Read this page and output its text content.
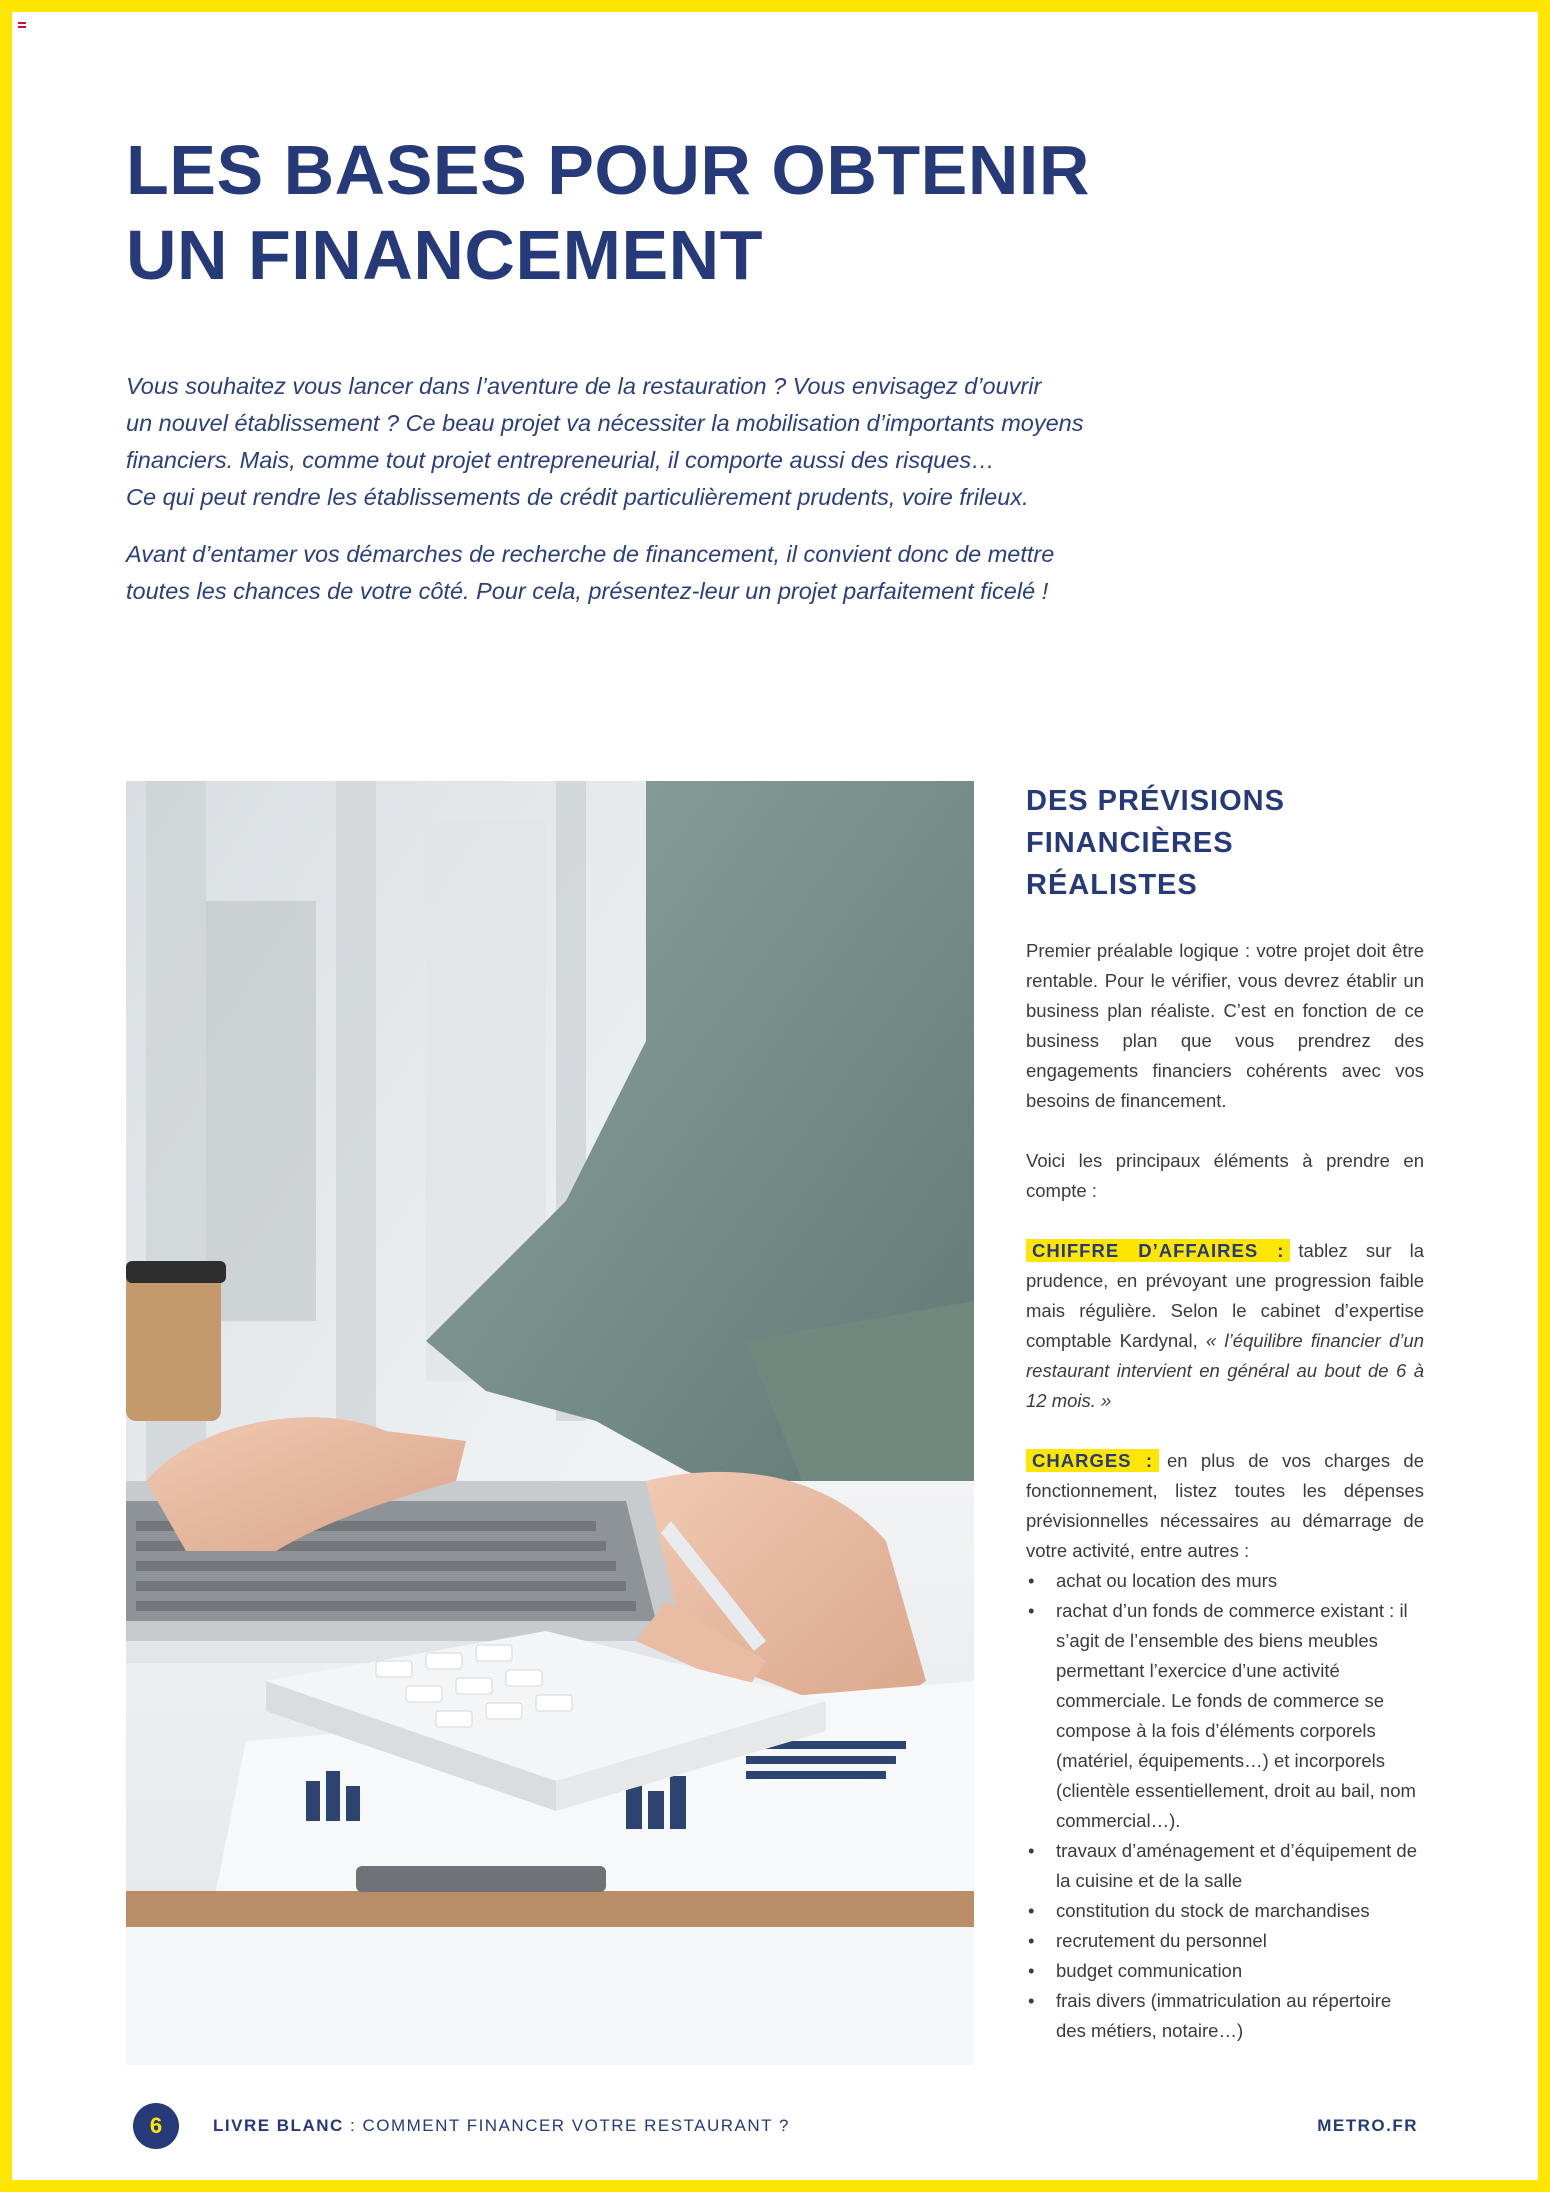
LES BASES POUR OBTENIR
UN FINANCEMENT

Vous souhaitez vous lancer dans l’aventure de la restauration ? Vous envisagez d’ouvrir
un nouvel établissement ? Ce beau projet va nécessiter la mobilisation d’importants moyens
financiers. Mais, comme tout projet entrepreneurial, il comporte aussi des risques…
Ce qui peut rendre les établissements de crédit particulièrement prudents, voire frileux.

Avant d’entamer vos démarches de recherche de financement, il convient donc de mettre
toutes les chances de votre côté. Pour cela, présentez-leur un projet parfaitement ficelé !

DES PRÉVISIONS
FINANCIÈRES
RÉALISTES

Premier préalable logique : votre projet doit être rentable. Pour le vérifier, vous devrez établir un business plan réaliste. C’est en fonction de ce business plan que vous prendrez des engagements financiers cohérents avec vos besoins de financement.

Voici les principaux éléments à prendre en compte :

CHIFFRE D’AFFAIRES : tablez sur la prudence, en prévoyant une progression faible mais régulière. Selon le cabinet d’expertise comptable Kardynal, « l’équilibre financier d’un restaurant intervient en général au bout de 6 à 12 mois. »

CHARGES : en plus de vos charges de fonctionnement, listez toutes les dépenses prévisionnelles nécessaires au démarrage de votre activité, entre autres :

• achat ou location des murs
• rachat d’un fonds de commerce existant : il s’agit de l’ensemble des biens meubles permettant l’exercice d’une activité commerciale. Le fonds de commerce se compose à la fois d’éléments corporels (matériel, équipements…) et incorporels (clientèle essentiellement, droit au bail, nom commercial…).
• travaux d’aménagement et d’équipement de la cuisine et de la salle
• constitution du stock de marchandises
• recrutement du personnel
• budget communication
• frais divers (immatriculation au répertoire des métiers, notaire…)
6	LIVRE BLANC : COMMENT FINANCER VOTRE RESTAURANT ?	METRO.FR
